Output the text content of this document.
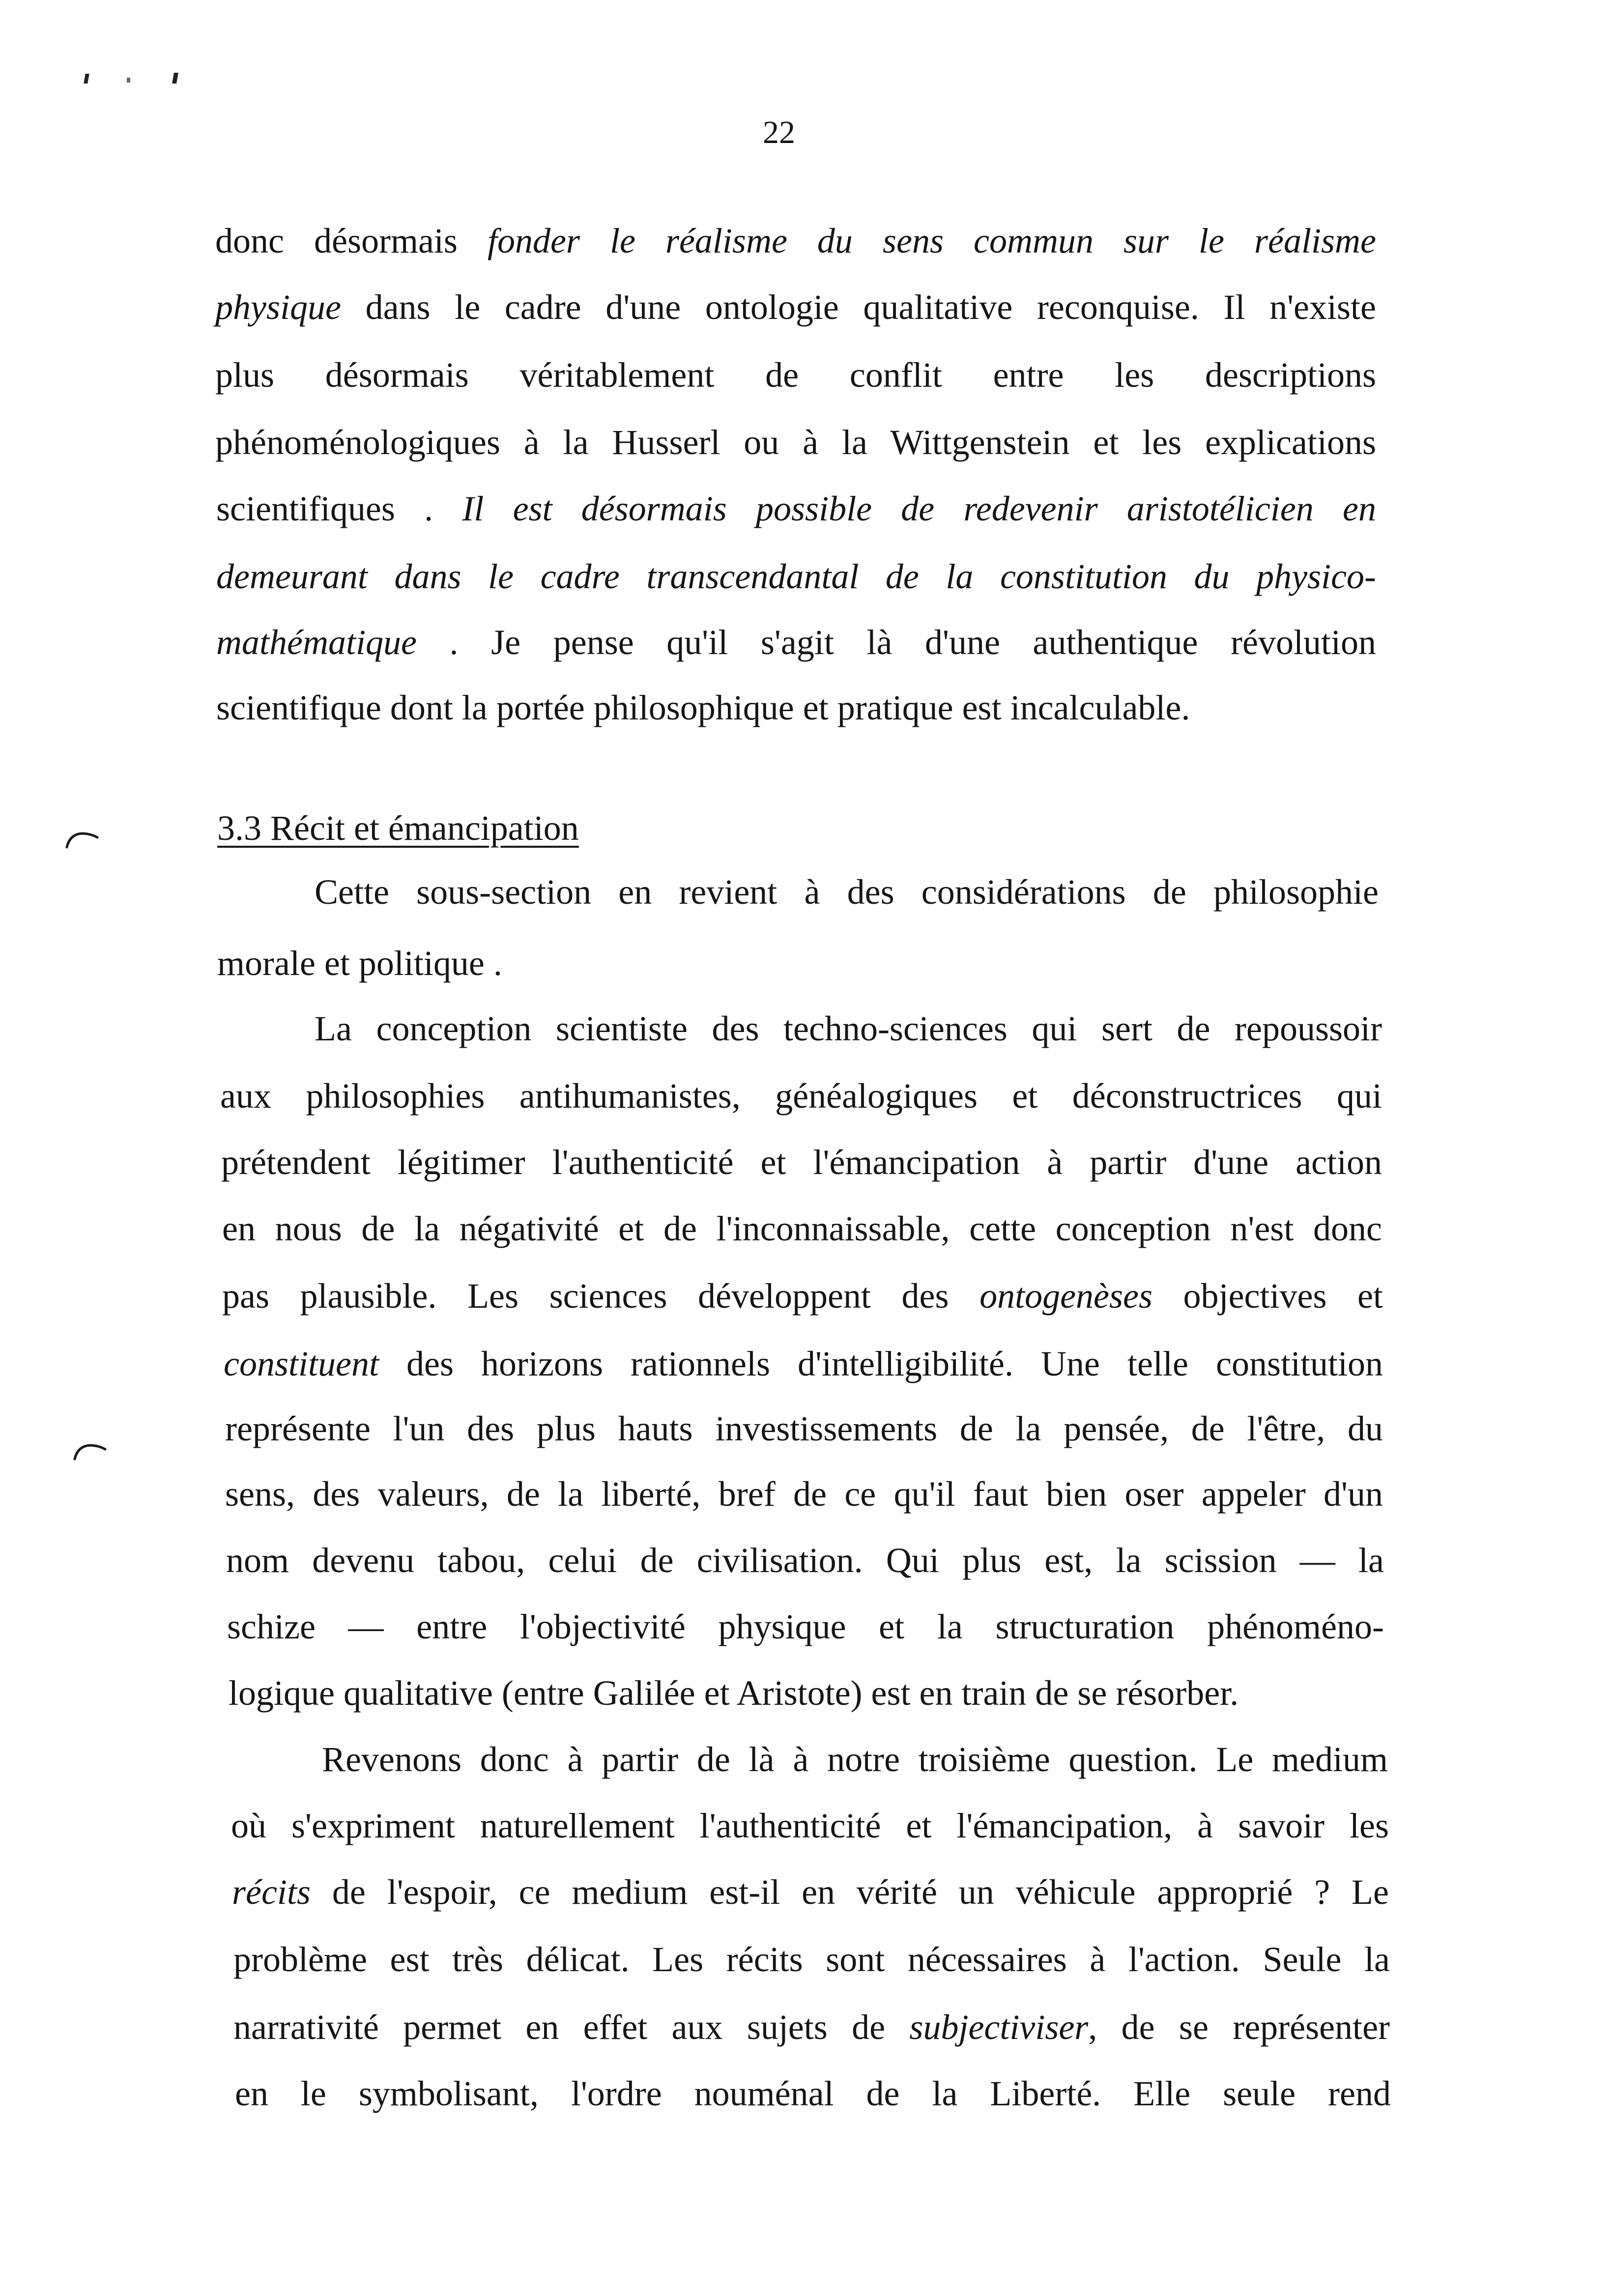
22
3.3 Récit et émancipation
donc désormais fonder le réalisme du sens commun sur le réalisme
physique dans le cadre d'une ontologie qualitative reconquise. Il n'existe
plus désormais véritablement de conflit entre les descriptions
phénoménologiques à la Husserl ou à la Wittgenstein et les explications
scientifiques . Il est désormais possible de redevenir aristotélicien en
demeurant dans le cadre transcendantal de la constitution du physico-
mathématique . Je pense qu'il s'agit là d'une authentique révolution
scientifique dont la portée philosophique et pratique est incalculable.
Cette sous-section en revient à des considérations de philosophie
morale et politique .
La conception scientiste des techno-sciences qui sert de repoussoir
aux philosophies antihumanistes, généalogiques et déconstructrices qui
prétendent légitimer l'authenticité et l'émancipation à partir d'une action
en nous de la négativité et de l'inconnaissable, cette conception n'est donc
pas plausible. Les sciences développent des ontogenèses objectives et
constituent des horizons rationnels d'intelligibilité. Une telle constitution
représente l'un des plus hauts investissements de la pensée, de l'être, du
sens, des valeurs, de la liberté, bref de ce qu'il faut bien oser appeler d'un
nom devenu tabou, celui de civilisation. Qui plus est, la scission — la
schize — entre l'objectivité physique et la structuration phénoméno-
logique qualitative (entre Galilée et Aristote) est en train de se résorber.
Revenons donc à partir de là à notre troisième question. Le medium
où s'expriment naturellement l'authenticité et l'émancipation, à savoir les
récits de l'espoir, ce medium est-il en vérité un véhicule approprié ? Le
problème est très délicat. Les récits sont nécessaires à l'action. Seule la
narrativité permet en effet aux sujets de subjectiviser, de se représenter
en le symbolisant, l'ordre nouménal de la Liberté. Elle seule rend
